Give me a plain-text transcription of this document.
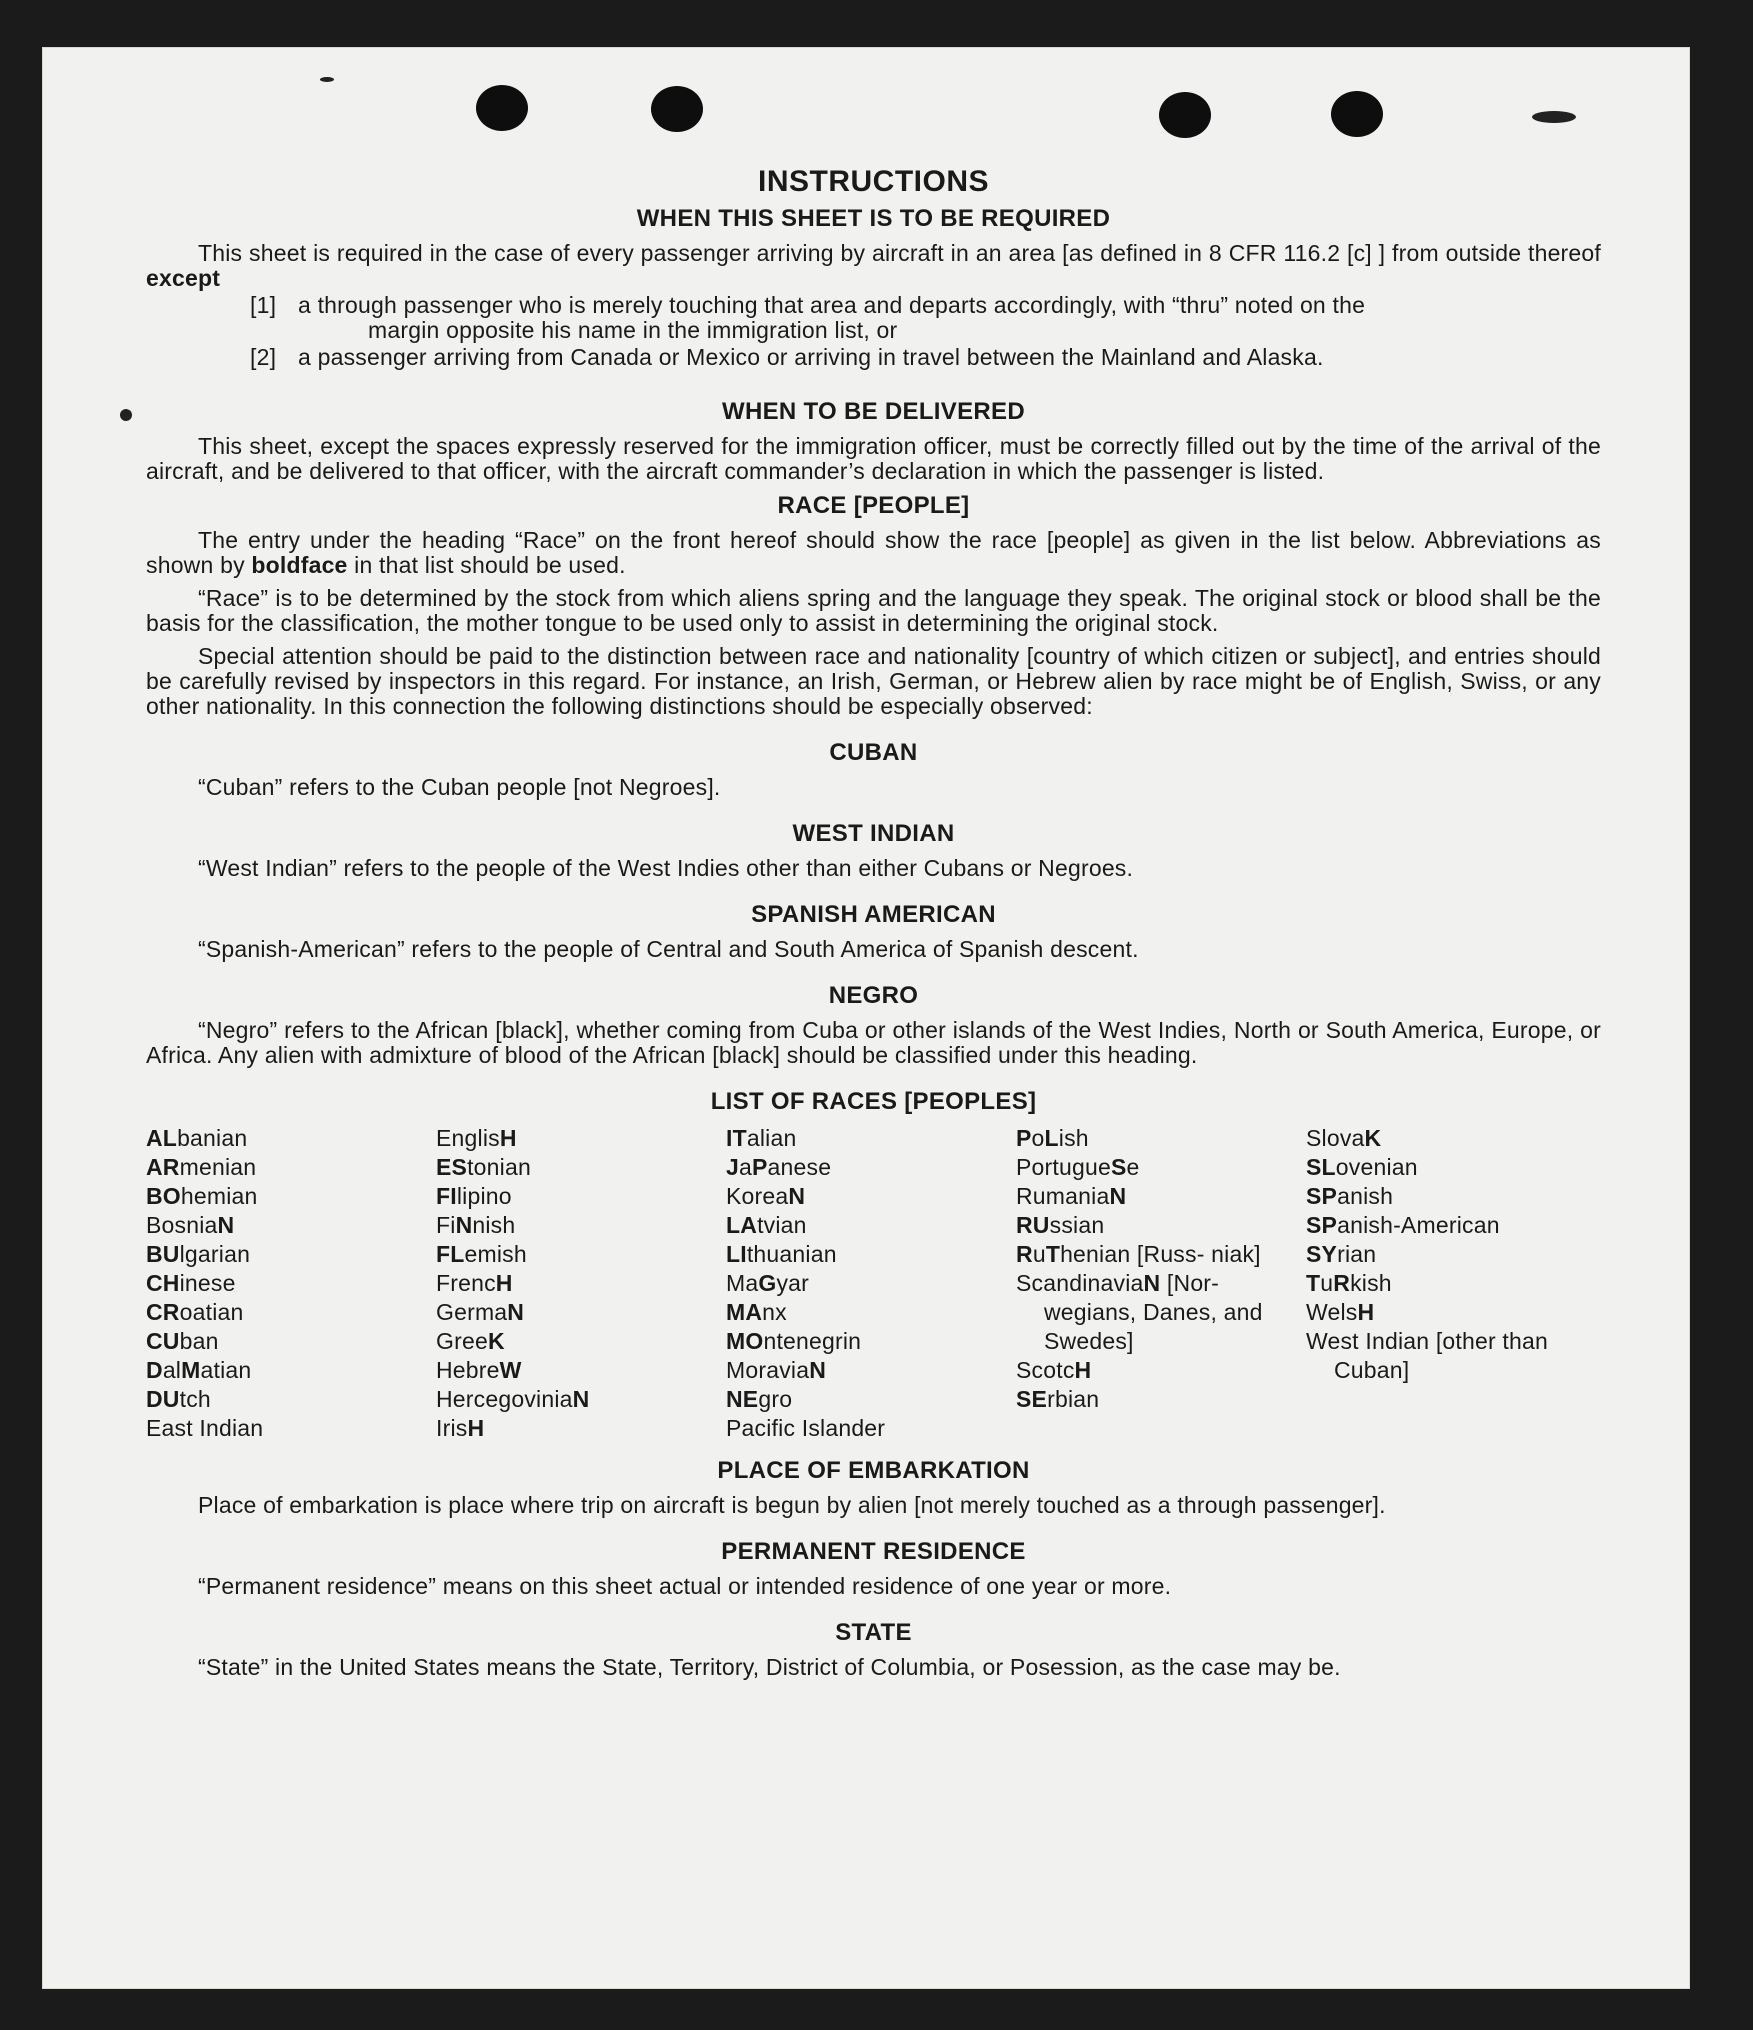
INSTRUCTIONS
WHEN THIS SHEET IS TO BE REQUIRED
This sheet is required in the case of every passenger arriving by aircraft in an area [as defined in 8 CFR 116.2 [c] ] from outside thereof except
[1] a through passenger who is merely touching that area and departs accordingly, with “thru” noted on the
margin opposite his name in the immigration list, or
[2] a passenger arriving from Canada or Mexico or arriving in travel between the Mainland and Alaska.
WHEN TO BE DELIVERED
This sheet, except the spaces expressly reserved for the immigration officer, must be correctly filled out by the time of the arrival of the aircraft, and be delivered to that officer, with the aircraft commander’s declaration in which the passenger is listed.
RACE [PEOPLE]
The entry under the heading “Race” on the front hereof should show the race [people] as given in the list below. Abbreviations as shown by boldface in that list should be used.
“Race” is to be determined by the stock from which aliens spring and the language they speak. The original stock or blood shall be the basis for the classification, the mother tongue to be used only to assist in determining the original stock.
Special attention should be paid to the distinction between race and nationality [country of which citizen or subject], and entries should be carefully revised by inspectors in this regard. For instance, an Irish, German, or Hebrew alien by race might be of English, Swiss, or any other nationality. In this connection the following distinctions should be especially observed:
CUBAN
“Cuban” refers to the Cuban people [not Negroes].
WEST INDIAN
“West Indian” refers to the people of the West Indies other than either Cubans or Negroes.
SPANISH AMERICAN
“Spanish-American” refers to the people of Central and South America of Spanish descent.
NEGRO
“Negro” refers to the African [black], whether coming from Cuba or other islands of the West Indies, North or South America, Europe, or Africa. Any alien with admixture of blood of the African [black] should be classified under this heading.
LIST OF RACES [PEOPLES]
ALbanian
ARmenian
BOhemian
BosniaN
BUlgarian
CHinese
CRoatian
CUban
DalMatian
DUtch
East Indian
EnglisH
EStonian
FIlipino
FiNnish
FLemish
FrencH
GermaN
GreeK
HebreW
HercegoviniaN
IrisH
ITalian
JaPanese
KoreaN
LAtvian
LIthuanian
MaGyar
MAnx
MOntenegrin
MoraviaN
NEgro
Pacific Islander
PoLish
PortugueSe
RumaniaN
RUssian
RuThenian [Russ- niak]
ScandinaviaN [Nor- wegians, Danes, and Swedes]
ScotcH
SErbian
SlovaK
SLovenian
SPanish
SPanish-American
SYrian
TuRkish
WelsH
West Indian [other than Cuban]
PLACE OF EMBARKATION
Place of embarkation is place where trip on aircraft is begun by alien [not merely touched as a through passenger].
PERMANENT RESIDENCE
“Permanent residence” means on this sheet actual or intended residence of one year or more.
STATE
“State” in the United States means the State, Territory, District of Columbia, or Posession, as the case may be.
